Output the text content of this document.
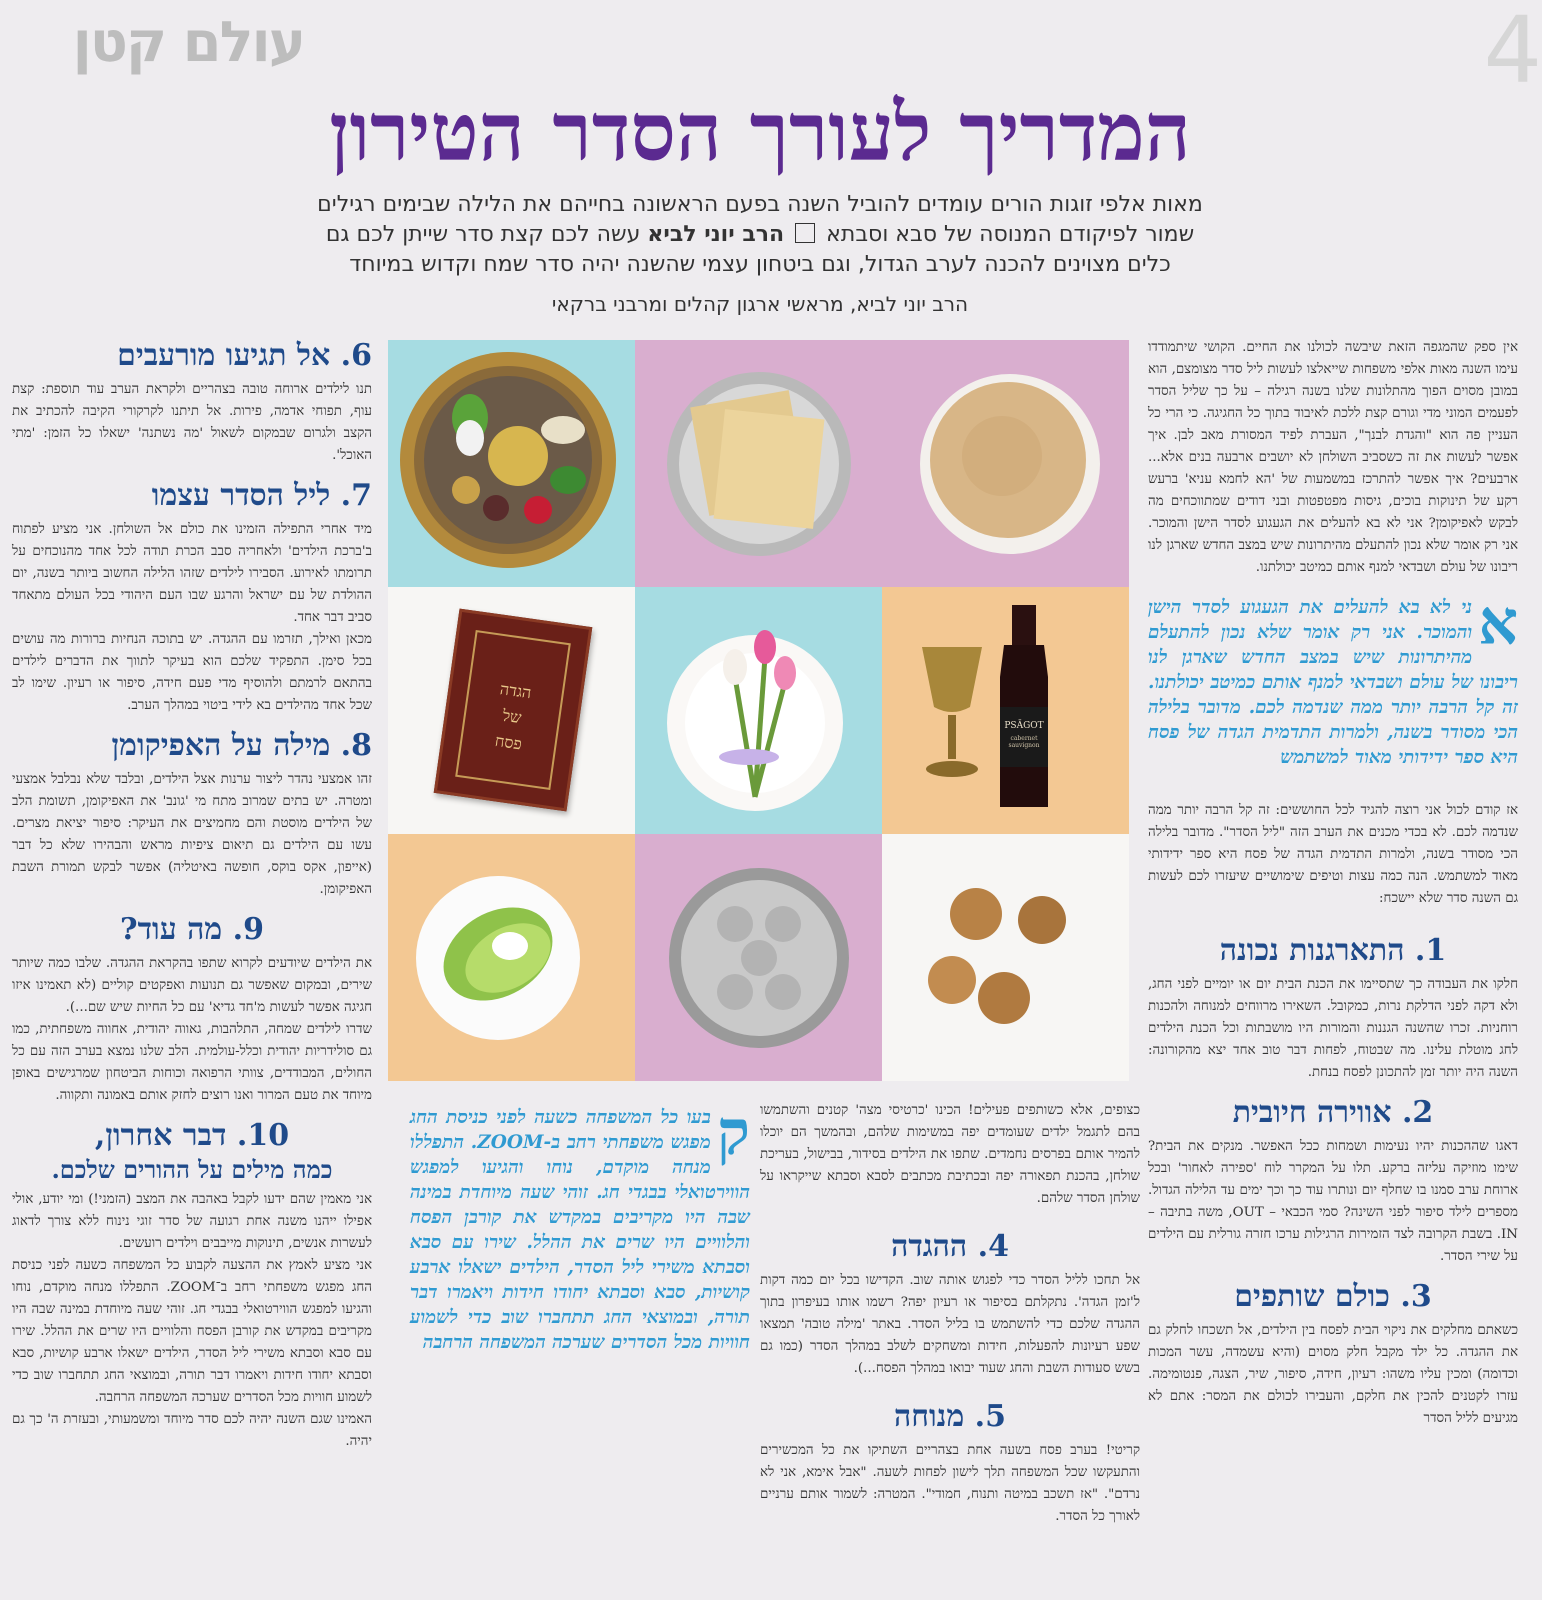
עולם קטן	4
המדריך לעורך הסדר הטירון
מאות אלפי זוגות הורים עומדים להוביל השנה בפעם הראשונה בחייהם את הלילה שבימים רגילים
שמור לפיקודם המנוסה של סבא וסבתא  הרב יוני לביא עשה לכם קצת סדר שייתן לכם גם
כלים מצוינים להכנה לערב הגדול, וגם ביטחון עצמי שהשנה יהיה סדר שמח וקדוש במיוחד
הרב יוני לביא, מראשי ארגון קהלים ומרבני ברקאי

אין ספק שהמגפה הזאת שיבשה לכולנו את החיים. הקושי שיתמודדו עימו השנה מאות אלפי משפחות שייאלצו לעשות ליל סדר מצומצם, הוא במובן מסוים הפוך מהתלונות שלנו בשנה רגילה – על כך שליל הסדר לפעמים המוני מדי וגורם קצת ללכת לאיבוד בתוך כל החגיגה. כי הרי כל העניין פה הוא "והגדת לבנך", העברת לפיד המסורת מאב לבן. איך אפשר לעשות את זה כשסביב השולחן לא יושבים ארבעה בנים אלא... ארבעים? איך אפשר להתרכז במשמעות של 'הא לחמא עניא' ברעש רקע של תינוקות בוכים, גיסות מפטפטות ובני דודים שמתווכחים מה לבקש לאפיקומן? אני לא בא להעלים את הגעגוע לסדר הישן והמוכר. אני רק אומר שלא נכון להתעלם מהיתרונות שיש במצב החדש שארגן לנו ריבונו של עולם ושבדאי למנף אותם כמיטב יכולתנו.

א
ני לא בא להעלים את הגעגוע לסדר הישן והמוכר. אני רק אומר שלא נכון להתעלם מהיתרונות שיש במצב החדש שארגן לנו ריבונו של עולם ושבדאי למנף אותם כמיטב יכולתנו. זה קל הרבה יותר ממה שנדמה לכם. מדובר בלילה הכי מסודר בשנה, ולמרות התדמית הגדה של פסח היא ספר ידידותי מאוד למשתמש

אז קודם לכול אני רוצה להגיד לכל החוששים: זה קל הרבה יותר ממה שנדמה לכם. לא בכדי מכנים את הערב הזה "ליל הסדר". מדובר בלילה הכי מסודר בשנה, ולמרות התדמית הגדה של פסח היא ספר ידידותי מאוד למשתמש. הנה כמה עצות וטיפים שימושיים שיעזרו לכם לעשות גם השנה סדר שלא יישכח:

1. התארגנות נכונה

חלקו את העבודה כך שתסיימו את הכנת הבית יום או יומיים לפני החג, ולא דקה לפני הדלקת נרות, כמקובל. השאירו מרווחים למנוחה ולהכנות רוחניות. זכרו שהשנה הגננות והמורות היו מושבתות וכל הכנת הילדים לחג מוטלת עלינו. מה שבטוח, לפחות דבר טוב אחד יצא מהקורונה: השנה היה יותר זמן להתכונן לפסח בנחת.

2. אווירה חיובית

דאגו שההכנות יהיו נעימות ושמחות ככל האפשר. מנקים את הבית? שימו מוזיקה עליזה ברקע. תלו על המקרר לוח 'ספירה לאחור' ובכל ארוחת ערב סמנו בו שחלף יום ונותרו עוד כך וכך ימים עד הלילה הגדול. מספרים לילד סיפור לפני השינה? סמי הכבאי – OUT, משה בתיבה – IN. בשבת הקרובה לצד הזמירות הרגילות ערכו חזרה גורלית עם הילדים על שירי הסדר.

3. כולם שותפים

כשאתם מחלקים את ניקוי הבית לפסח בין הילדים, אל תשכחו לחלק גם את ההגדה. כל ילד מקבל חלק מסוים (והיא עשמדה, עשר המכות וכדומה) ומכין עליו משהו: רעיון, חידה, סיפור, שיר, הצגה, פנטומימה. עזרו לקטנים להכין את חלקם, והעבירו לכולם את המסר: אתם לא מגיעים לליל הסדר

הגדה
של
פסח
PSĀGOT
cabernet sauvignon

כצופים, אלא כשותפים פעילים! הכינו 'כרטיסי מצה' קטנים והשתמשו בהם לתגמל ילדים שעומדים יפה במשימות שלהם, ובהמשך הם יוכלו להמיר אותם בפרסים נחמדים. שתפו את הילדים בסידור, בבישול, בעריכת שולחן, בהכנת תפאורה יפה ובכתיבת מכתבים לסבא וסבתא שייקראו על שולחן הסדר שלהם.

4. ההגדה

אל תחכו לליל הסדר כדי לפגוש אותה שוב. הקדישו בכל יום כמה דקות ל'זמן הגדה'. נתקלתם בסיפור או רעיון יפה? רשמו אותו בעיפרון בתוך ההגדה שלכם כדי להשתמש בו בליל הסדר. באתר 'מילה טובה' תמצאו שפע רעיונות להפעלות, חידות ומשחקים לשלב במהלך הסדר (כמו גם בשש סעודות השבת והחג שעוד יבואו במהלך הפסח...).

5. מנוחה

קריטי! בערב פסח בשעה אחת בצהריים השתיקו את כל המכשירים והתעקשו שכל המשפחה תלך לישון לפחות לשעה. "אבל אימא, אני לא נרדם". "אז תשכב במיטה ותנוח, חמודי". המטרה: לשמור אותם ערניים לאורך כל הסדר.

ק
בעו כל המשפחה כשעה לפני כניסת החג מפגש משפחתי רחב ב-ZOOM. התפללו מנחה מוקדם, נוחו והגיעו למפגש הווירטואלי בבגדי חג. זוהי שעה מיוחדת במינה שבה היו מקריבים במקדש את קורבן הפסח והלוויים היו שרים את ההלל. שירו עם סבא וסבתא משירי ליל הסדר, הילדים ישאלו ארבע קושיות, סבא וסבתא יחודו חידות ויאמרו דבר תורה, ובמוצאי החג תתחברו שוב כדי לשמוע חוויות מכל הסדרים שערכה המשפחה הרחבה
6. אל תגיעו מורעבים

תנו לילדים ארוחה טובה בצהריים ולקראת הערב עוד תוספת: קצת עוף, תפוחי אדמה, פירות. אל תיתנו לקרקורי הקיבה להכתיב את הקצב ולגרום שבמקום לשאול 'מה נשתנה' ישאלו כל הזמן: 'מתי האוכל'.

7. ליל הסדר עצמו

מיד אחרי התפילה הזמינו את כולם אל השולחן. אני מציע לפתוח ב'ברכת הילדים' ולאחריה סבב הכרת תודה לכל אחד מהנוכחים על תרומתו לאירוע. הסבירו לילדים שזהו הלילה החשוב ביותר בשנה, יום ההולדת של עם ישראל והרגע שבו העם היהודי בכל העולם מתאחד סביב דבר אחד.

מכאן ואילך, תזרמו עם ההגדה. יש בתוכה הנחיות ברורות מה עושים בכל סימן. התפקיד שלכם הוא בעיקר לתווך את הדברים לילדים בהתאם לרמתם ולהוסיף מדי פעם חידה, סיפור או רעיון. שימו לב שכל אחד מהילדים בא לידי ביטוי במהלך הערב.

8. מילה על האפיקומן

זהו אמצעי נהדר ליצור ערנות אצל הילדים, ובלבד שלא נבלבל אמצעי ומטרה. יש בתים שמרוב מתח מי 'גונב' את האפיקומן, תשומת הלב של הילדים מוסטת והם מחמיצים את העיקר: סיפור יציאת מצרים. עשו עם הילדים גם תיאום ציפיות מראש והבהירו שלא כל דבר (אייפון, אקס בוקס, חופשה באיטליה) אפשר לבקש תמורת השבת האפיקומן.

9. מה עוד?

את הילדים שיודעים לקרוא שתפו בהקראת ההגדה. שלבו כמה שיותר שירים, ובמקום שאפשר גם תנועות ואפקטים קוליים (לא תאמינו איזו חגיגה אפשר לעשות מ'חד גדיא' עם כל החיות שיש שם...).

שדרו לילדים שמחה, התלהבות, גאווה יהודית, אחווה משפחתית, כמו גם סולידריות יהודית וכלל-עולמית. הלב שלנו נמצא בערב הזה עם כל החולים, המבודדים, צוותי הרפואה וכוחות הביטחון שמרגישים באופן מיוחד את טעם המרור ואנו רוצים לחזק אותם באמונה ותקווה.

10. דבר אחרון,
כמה מילים על ההורים שלכם.

אני מאמין שהם ידעו לקבל באהבה את המצב (הזמני!) ומי יודע, אולי אפילו ייהנו משנה אחת רגועה של סדר זוגי נינוח ללא צורך לדאוג לעשרות אנשים, תינוקות מייבבים וילדים רועשים.

אני מציע לאמץ את ההצעה לקבוע כל המשפחה כשעה לפני כניסת החג מפגש משפחתי רחב ב־ZOOM. התפללו מנחה מוקדם, נוחו והגיעו למפגש הווירטואלי בבגדי חג. זוהי שעה מיוחדת במינה שבה היו מקריבים במקדש את קורבן הפסח והלוויים היו שרים את ההלל. שירו עם סבא וסבתא משירי ליל הסדר, הילדים ישאלו ארבע קושיות, סבא וסבתא יחודו חידות ויאמרו דבר תורה, ובמוצאי החג תתחברו שוב כדי לשמוע חוויות מכל הסדרים שערכה המשפחה הרחבה.

האמינו שגם השנה יהיה לכם סדר מיוחד ומשמעותי, ובעזרת ה' כך גם יהיה.
